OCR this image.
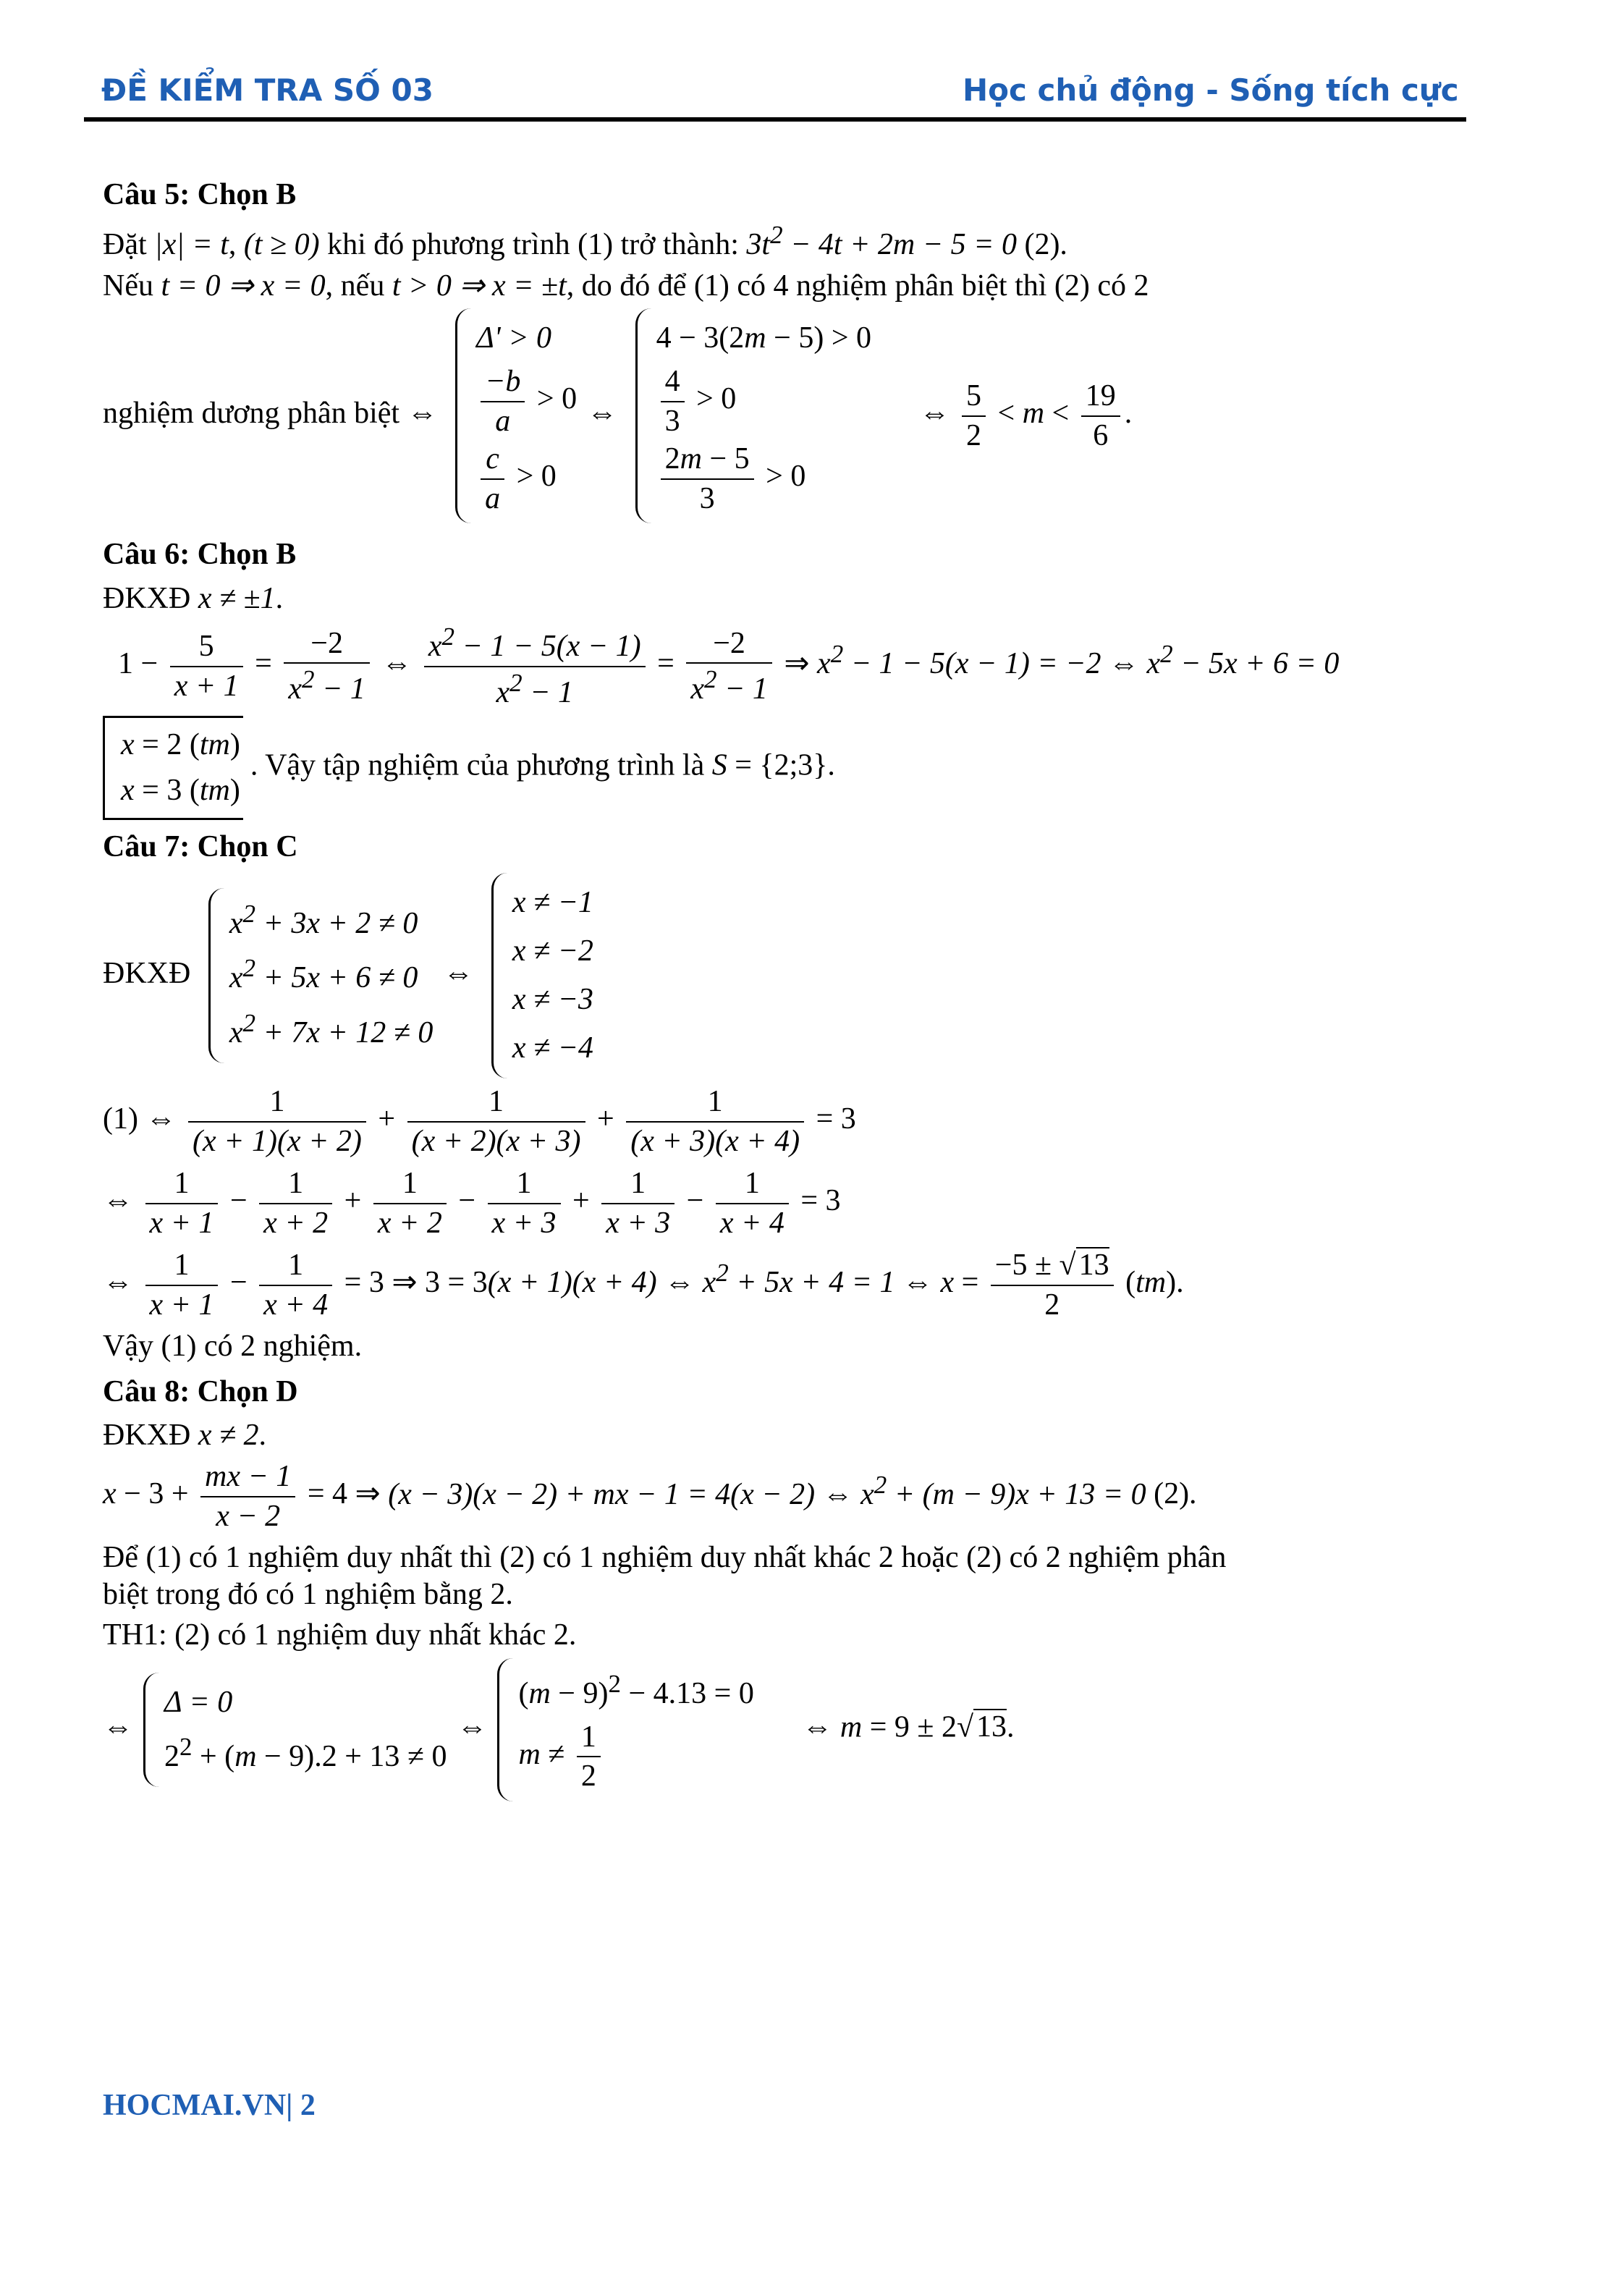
ĐỀ KIỂM TRA SỐ 03	Học chủ động - Sống tích cực
Câu 5: Chọn B
Đặt |x| = t, (t ≥ 0) khi đó phương trình (1) trở thành: $3t^2 - 4t + 2m - 5 = 0$ (2).
Nếu t = 0 ⇒ x = 0, nếu t > 0 ⇒ x = ±t, do đó để (1) có 4 nghiệm phân biệt thì (2) có 2
nghiệm dương phân biệt ⇔
Δ' > 0
$\frac{-b}{a} > 0$
$\frac{c}{a} > 0$
⇔
4 − 3(2m − 5) > 0
$\frac{4}{3} > 0$
$\frac{2m - 5}{3} > 0$
⇔ $\frac{5}{2} < m < \frac{19}{6}$ .
Câu 6: Chọn B
ĐKXĐ x ≠ ±1.
$1 - \frac{5}{x + 1} = \frac{-2}{x^2 - 1}$ ⇔ $\frac{x^2 - 1 - 5(x - 1)}{x^2 - 1} = \frac{-2}{x^2 - 1}$ ⇒ $x^2 - 1 - 5(x - 1) = -2$ ⇔ $x^2 - 5x + 6 = 0$
x = 2 (tm)
x = 3 (tm)
. Vậy tập nghiệm của phương trình là S = {2;3}.
Câu 7: Chọn C
ĐKXĐ
$x^2 + 3x + 2 \ne 0$
$x^2 + 5x + 6 \ne 0$
$x^2 + 7x + 12 \ne 0$
⇔
x ≠ −1
x ≠ −2
x ≠ −3
x ≠ −4
(1) ⇔ $\frac{1}{(x + 1)(x + 2)} + \frac{1}{(x + 2)(x + 3)} + \frac{1}{(x + 3)(x + 4)} = 3$
⇔ $\frac{1}{x + 1} - \frac{1}{x + 2} + \frac{1}{x + 2} - \frac{1}{x + 3} + \frac{1}{x + 3} - \frac{1}{x + 4} = 3$
⇔ $\frac{1}{x + 1} - \frac{1}{x + 4} = 3$ ⇒ 3 = 3(x + 1)(x + 4) ⇔ $x^2 + 5x + 4 = 1$ ⇔ $x = \frac{-5 \pm √13}{2} (tm)$.
Vậy (1) có 2 nghiệm.
Câu 8: Chọn D
ĐKXĐ x ≠ 2.
$x - 3 + \frac{mx - 1}{x - 2} = 4$ ⇒ (x − 3)(x − 2) + mx − 1 = 4(x − 2) ⇔ $x^2 + (m - 9)x + 13 = 0$ (2).
Để (1) có 1 nghiệm duy nhất thì (2) có 1 nghiệm duy nhất khác 2 hoặc (2) có 2 nghiệm phân
biệt trong đó có 1 nghiệm bằng 2.
TH1: (2) có 1 nghiệm duy nhất khác 2.
⇔
Δ = 0
$2^2 + (m - 9).2 + 13 \ne 0$
⇔
$(m - 9)^2 - 4.13 = 0$
$m \ne \frac{1}{2}$	⇔ m = 9 ± 2√13.
HOCMAI.VN| 2
